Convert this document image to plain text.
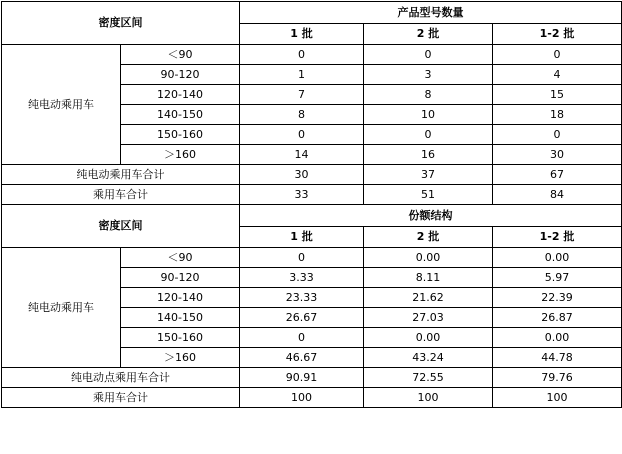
密度区间		产品型号数量		
		1 批	2 批	1-2 批
纯电动乘用车	＜90	0	0	0
	90-120	1	3	4
	120-140	7	8	15
	140-150	8	10	18
	150-160	0	0	0
	＞160	14	16	30
纯电动乘用车合计		30	37	67
乘用车合计		33	51	84
密度区间		份额结构		
		1 批	2 批	1-2 批
纯电动乘用车	＜90	0	0.00	0.00
	90-120	3.33	8.11	5.97
	120-140	23.33	21.62	22.39
	140-150	26.67	27.03	26.87
	150-160	0	0.00	0.00
	＞160	46.67	43.24	44.78
纯电动点乘用车合计		90.91	72.55	79.76
乘用车合计		100	100	100
